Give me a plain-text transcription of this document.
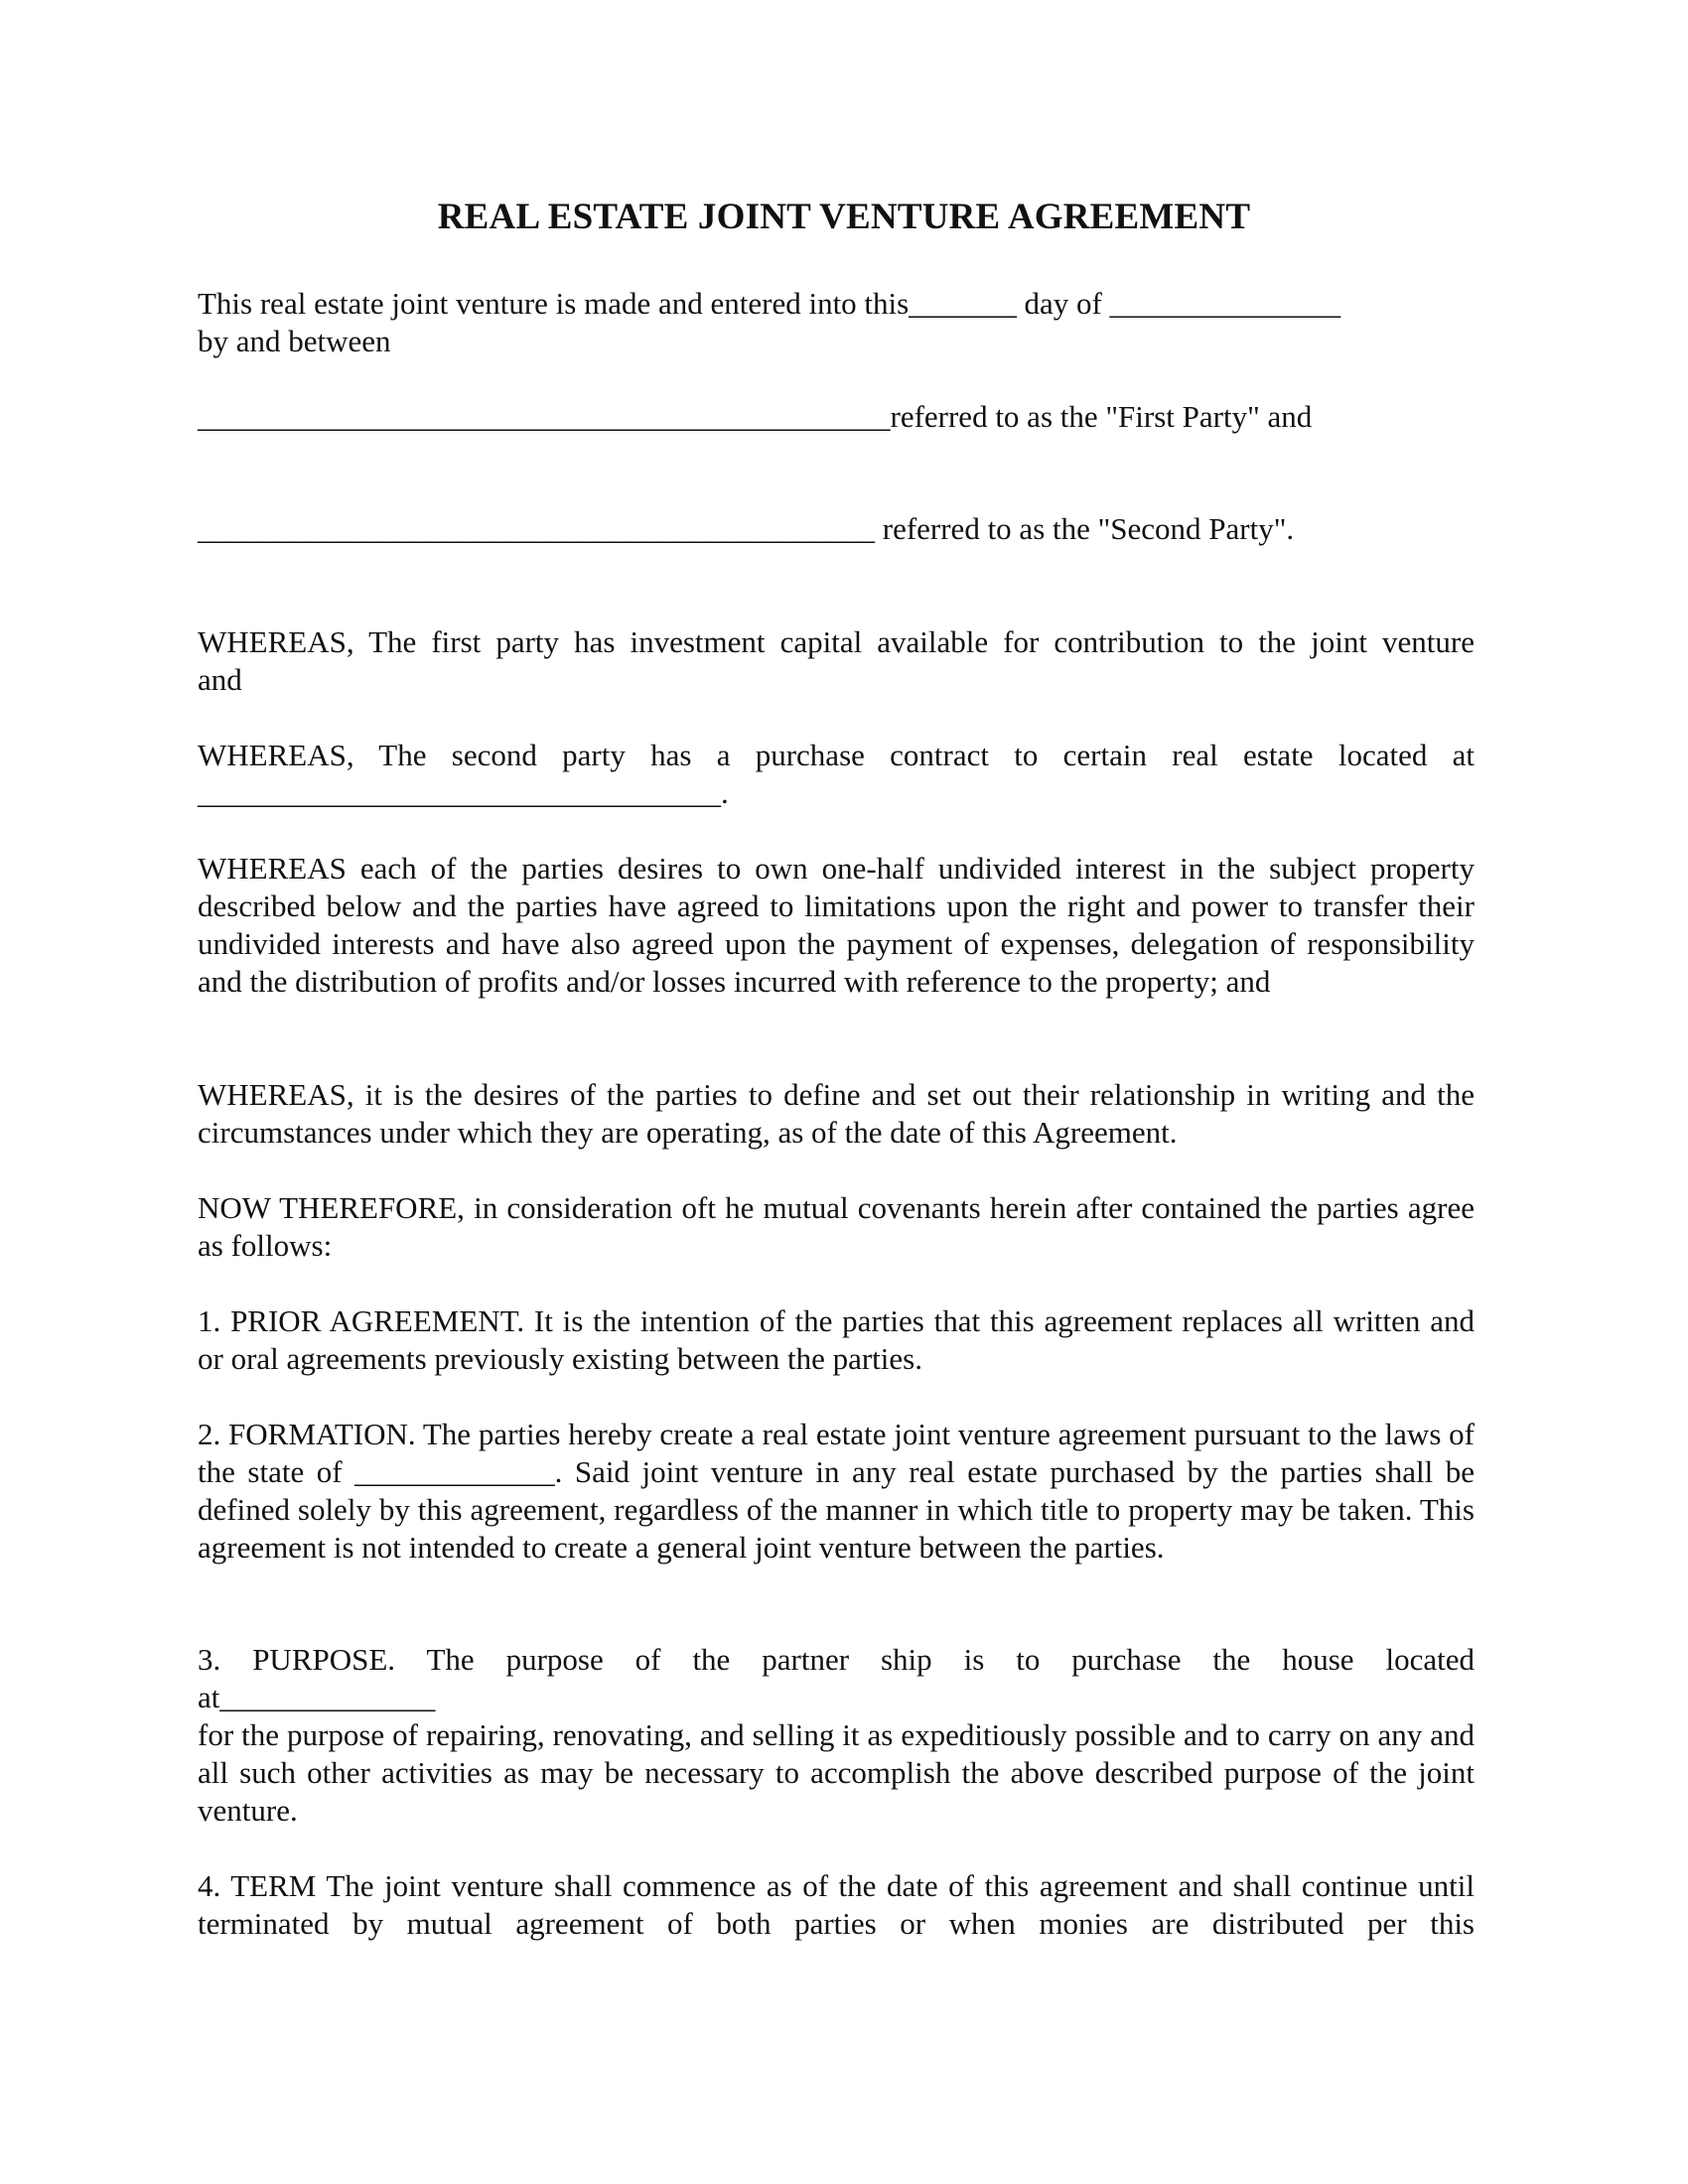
REAL ESTATE JOINT VENTURE AGREEMENT
This real estate joint venture is made and entered into this_______ day of _______________
by and between
_____________________________________________referred to as the "First Party" and
____________________________________________ referred to as the "Second Party".
WHEREAS, The first party has investment capital available for contribution to the joint venture
and
WHEREAS, The second party has a purchase contract to certain real estate located at
__________________________________.
WHEREAS each of the parties desires to own one-half undivided interest in the subject property described below and the parties have agreed to limitations upon the right and power to transfer their undivided interests and have also agreed upon the payment of expenses, delegation of responsibility and the distribution of profits and/or losses incurred with reference to the property; and
WHEREAS, it is the desires of the parties to define and set out their relationship in writing and the circumstances under which they are operating, as of the date of this Agreement.
NOW THEREFORE, in consideration oft he mutual covenants herein after contained the parties agree as follows:
1. PRIOR AGREEMENT. It is the intention of the parties that this agreement replaces all written and or oral agreements previously existing between the parties.
2. FORMATION. The parties hereby create a real estate joint venture agreement pursuant to the laws of the state of _____________. Said joint venture in any real estate purchased by the parties shall be defined solely by this agreement, regardless of the manner in which title to property may be taken. This agreement is not intended to create a general joint venture between the parties.
3. PURPOSE. The purpose of the partner ship is to purchase the house located
at______________
for the purpose of repairing, renovating, and selling it as expeditiously possible and to carry on any and all such other activities as may be necessary to accomplish the above described purpose of the joint venture.
4. TERM The joint venture shall commence as of the date of this agreement and shall continue until terminated by mutual agreement of both parties or when monies are distributed per this
